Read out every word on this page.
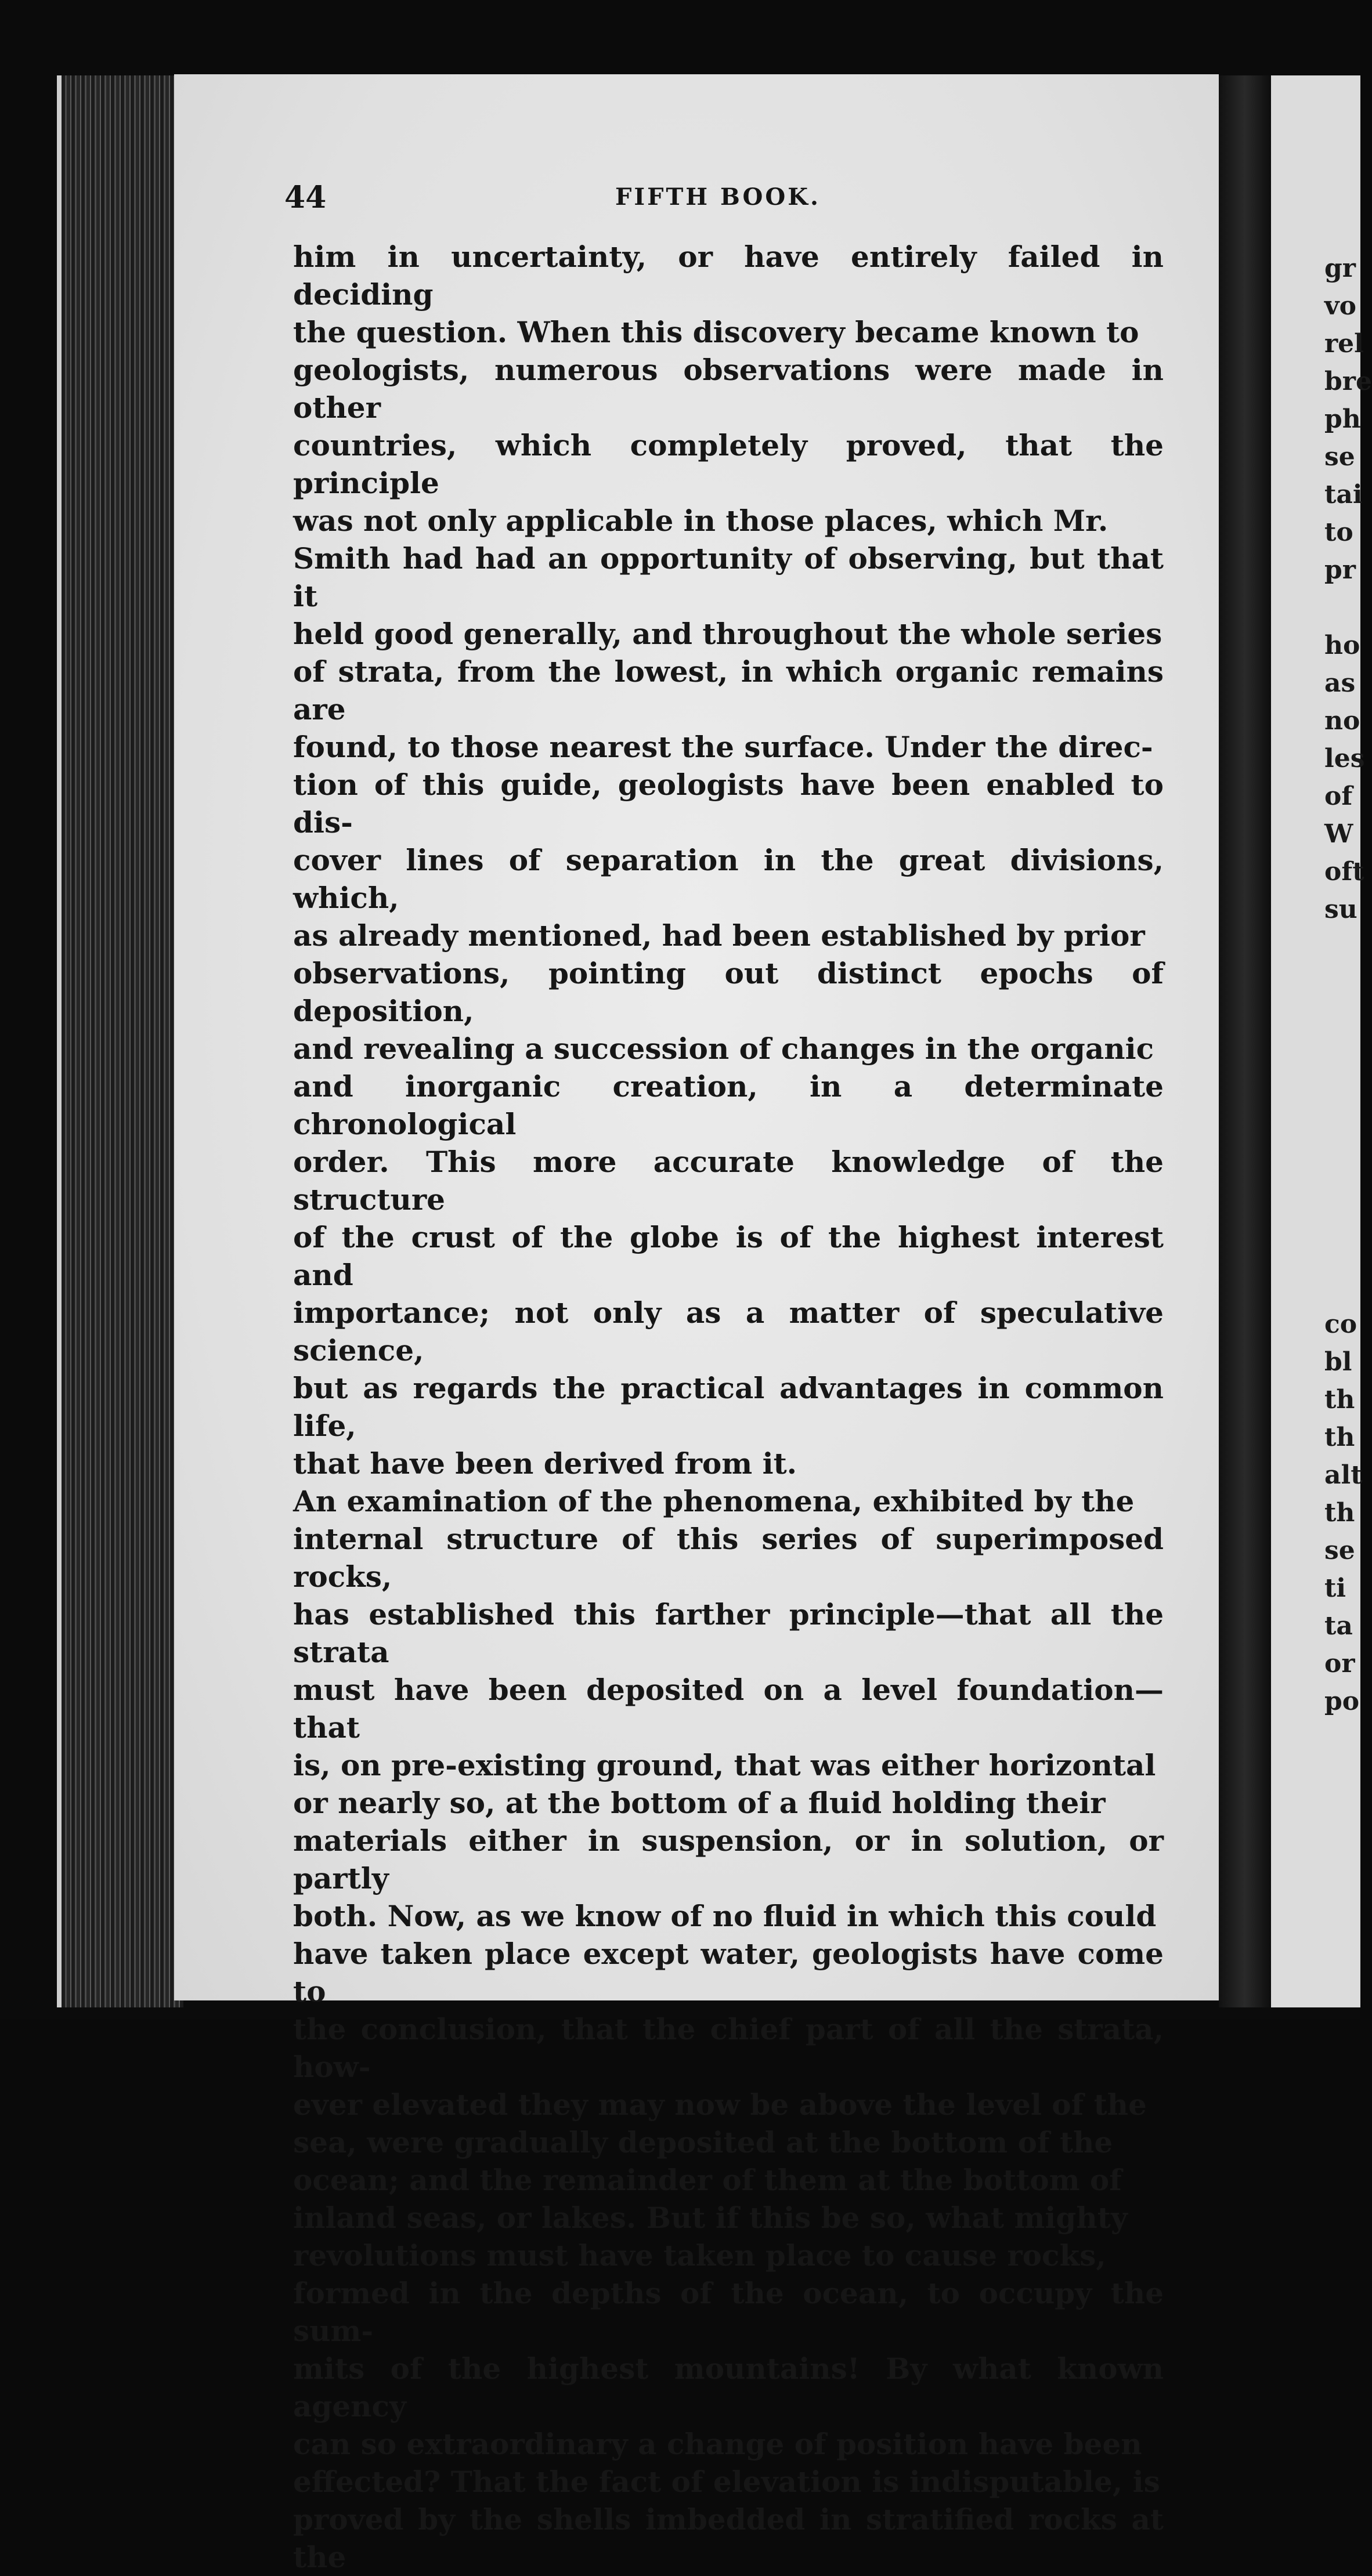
44	FIFTH BOOK.

him in uncertainty, or have entirely failed in deciding
the question. When this discovery became known to
geologists, numerous observations were made in other
countries, which completely proved, that the principle
was not only applicable in those places, which Mr.
Smith had had an opportunity of observing, but that it
held good generally, and throughout the whole series
of strata, from the lowest, in which organic remains are
found, to those nearest the surface. Under the direc-
tion of this guide, geologists have been enabled to dis-
cover lines of separation in the great divisions, which,
as already mentioned, had been established by prior
observations, pointing out distinct epochs of deposition,
and revealing a succession of changes in the organic
and inorganic creation, in a determinate chronological
order. This more accurate knowledge of the structure
of the crust of the globe is of the highest interest and
importance; not only as a matter of speculative science,
but as regards the practical advantages in common life,
that have been derived from it.

An examination of the phenomena, exhibited by the
internal structure of this series of superimposed rocks,
has established this farther principle—that all the strata
must have been deposited on a level foundation—that
is, on pre-existing ground, that was either horizontal
or nearly so, at the bottom of a fluid holding their
materials either in suspension, or in solution, or partly
both. Now, as we know of no fluid in which this could
have taken place except water, geologists have come to
the conclusion, that the chief part of all the strata, how-
ever elevated they may now be above the level of the
sea, were gradually deposited at the bottom of the
ocean; and the remainder of them at the bottom of
inland seas, or lakes. But if this be so, what mighty
revolutions must have taken place to cause rocks,
formed in the depths of the ocean, to occupy the sum-
mits of the highest mountains! By what known agency
can so extraordinary a change of position have been
effected? That the fact of elevation is indisputable, is
proved by the shells imbedded in stratified rocks at the

gr
vo
rel
bre
ph
se
tai
to
pr
ho
as
no
les
of
W
oft
su
co
bl
th
th
alt
th
se
ti
ta
or
po
